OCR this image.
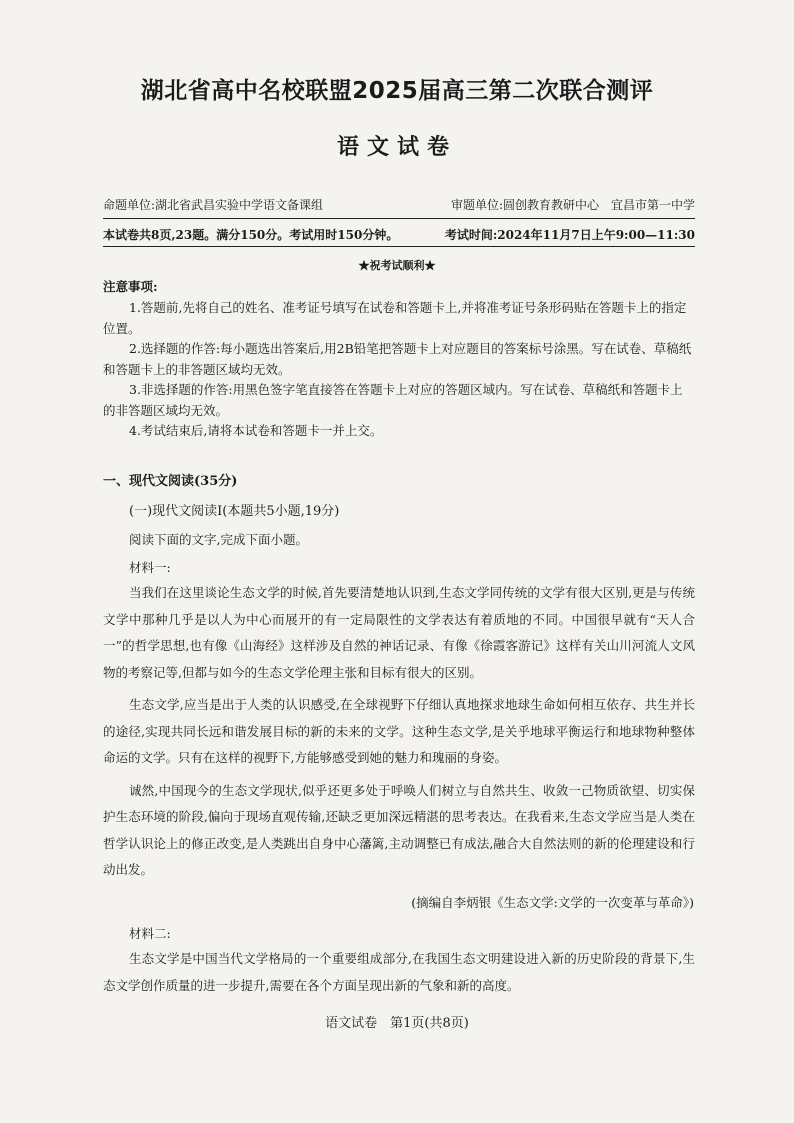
湖北省高中名校联盟2025届高三第二次联合测评
语文试卷
命题单位:湖北省武昌实验中学语文备课组	审题单位:圆创教育教研中心　宜昌市第一中学
本试卷共8页,23题。满分150分。考试用时150分钟。	考试时间:2024年11月7日上午9:00—11:30
★祝考试顺利★
注意事项:

1.答题前,先将自己的姓名、准考证号填写在试卷和答题卡上,并将准考证号条形码贴在答题卡上的指定位置。

2.选择题的作答:每小题选出答案后,用2B铅笔把答题卡上对应题目的答案标号涂黑。写在试卷、草稿纸和答题卡上的非答题区域均无效。

3.非选择题的作答:用黑色签字笔直接答在答题卡上对应的答题区域内。写在试卷、草稿纸和答题卡上的非答题区域均无效。

4.考试结束后,请将本试卷和答题卡一并上交。

一、现代文阅读(35分)
(一)现代文阅读Ⅰ(本题共5小题,19分)
阅读下面的文字,完成下面小题。
材料一:

当我们在这里谈论生态文学的时候,首先要清楚地认识到,生态文学同传统的文学有很大区别,更是与传统文学中那种几乎是以人为中心而展开的有一定局限性的文学表达有着质地的不同。中国很早就有“天人合一”的哲学思想,也有像《山海经》这样涉及自然的神话记录、有像《徐霞客游记》这样有关山川河流人文风物的考察记等,但都与如今的生态文学伦理主张和目标有很大的区别。

生态文学,应当是出于人类的认识感受,在全球视野下仔细认真地探求地球生命如何相互依存、共生并长的途径,实现共同长远和谐发展目标的新的未来的文学。这种生态文学,是关乎地球平衡运行和地球物种整体命运的文学。只有在这样的视野下,方能够感受到她的魅力和瑰丽的身姿。

诚然,中国现今的生态文学现状,似乎还更多处于呼唤人们树立与自然共生、收敛一己物质欲望、切实保护生态环境的阶段,偏向于现场直观传输,还缺乏更加深远精湛的思考表达。在我看来,生态文学应当是人类在哲学认识论上的修正改变,是人类跳出自身中心藩篱,主动调整已有成法,融合大自然法则的新的伦理建设和行动出发。

(摘编自李炳银《生态文学:文学的一次变革与革命》)
材料二:

生态文学是中国当代文学格局的一个重要组成部分,在我国生态文明建设进入新的历史阶段的背景下,生态文学创作质量的进一步提升,需要在各个方面呈现出新的气象和新的高度。

语文试卷　第1页(共8页)
